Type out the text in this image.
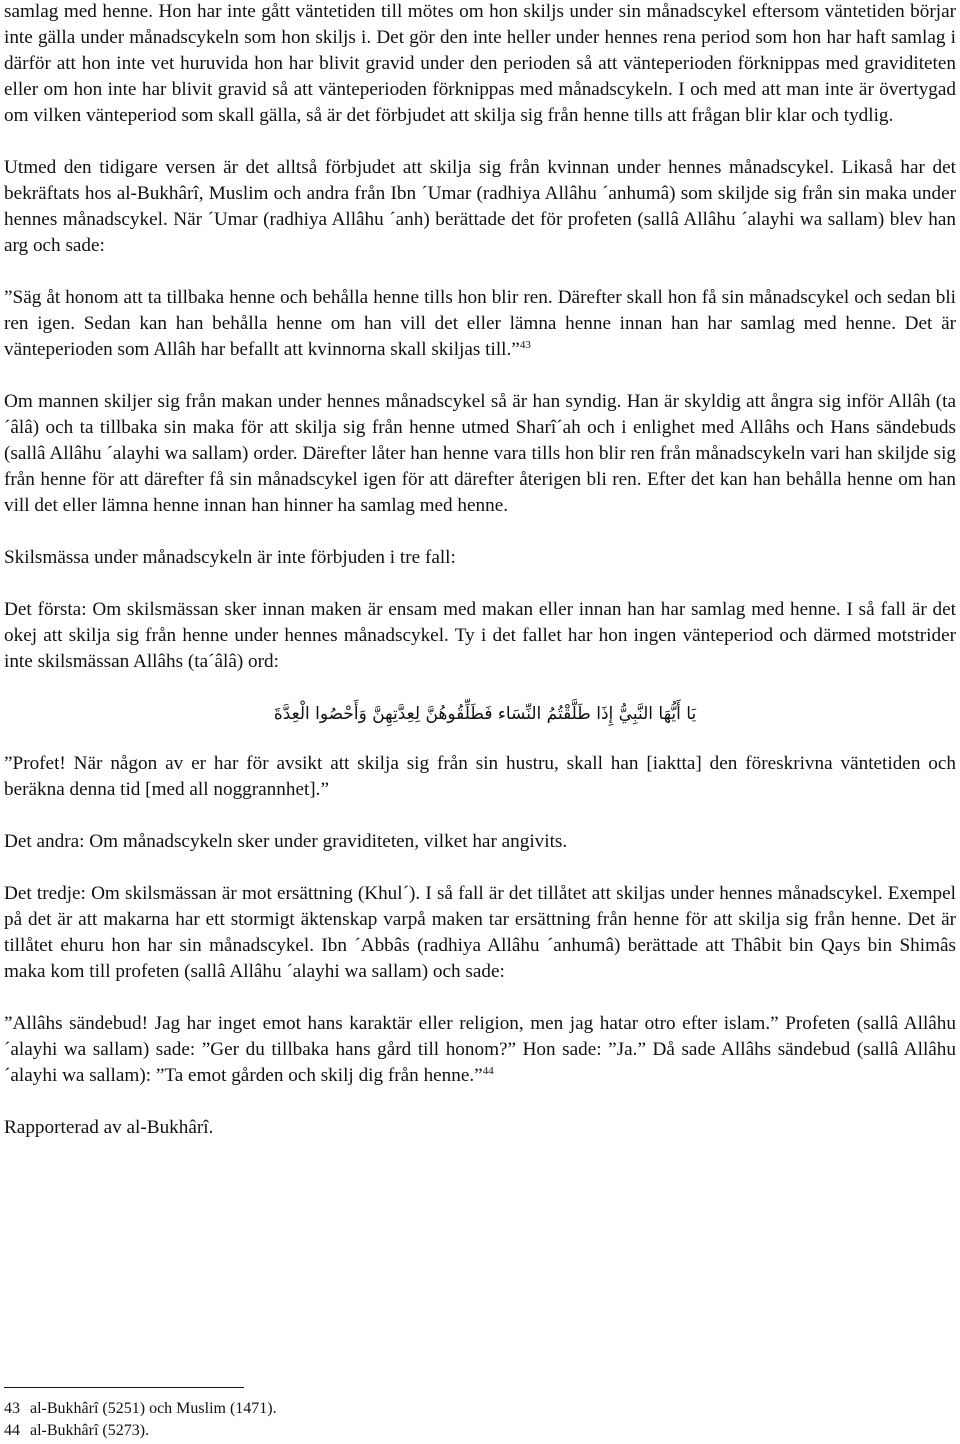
samlag med henne. Hon har inte gått väntetiden till mötes om hon skiljs under sin månadscykel eftersom väntetiden börjar inte gälla under månadscykeln som hon skiljs i. Det gör den inte heller under hennes rena period som hon har haft samlag i därför att hon inte vet huruvida hon har blivit gravid under den perioden så att vänteperioden förknippas med graviditeten eller om hon inte har blivit gravid så att vänteperioden förknippas med månadscykeln. I och med att man inte är övertygad om vilken vänteperiod som skall gälla, så är det förbjudet att skilja sig från henne tills att frågan blir klar och tydlig.

Utmed den tidigare versen är det alltså förbjudet att skilja sig från kvinnan under hennes månadscykel. Likaså har det bekräftats hos al-Bukhârî, Muslim och andra från Ibn ´Umar (radhiya Allâhu ´anhumâ) som skiljde sig från sin maka under hennes månadscykel. När ´Umar (radhiya Allâhu ´anh) berättade det för profeten (sallâ Allâhu ´alayhi wa sallam) blev han arg och sade:

”Säg åt honom att ta tillbaka henne och behålla henne tills hon blir ren. Därefter skall hon få sin månadscykel och sedan bli ren igen. Sedan kan han behålla henne om han vill det eller lämna henne innan han har samlag med henne. Det är vänteperioden som Allâh har befallt att kvinnorna skall skiljas till.”$^{43}$

Om mannen skiljer sig från makan under hennes månadscykel så är han syndig. Han är skyldig att ångra sig inför Allâh (ta´âlâ) och ta tillbaka sin maka för att skilja sig från henne utmed Sharî´ah och i enlighet med Allâhs och Hans sändebuds (sallâ Allâhu ´alayhi wa sallam) order. Därefter låter han henne vara tills hon blir ren från månadscykeln vari han skiljde sig från henne för att därefter få sin månadscykel igen för att därefter återigen bli ren. Efter det kan han behålla henne om han vill det eller lämna henne innan han hinner ha samlag med henne.

Skilsmässa under månadscykeln är inte förbjuden i tre fall:

Det första: Om skilsmässan sker innan maken är ensam med makan eller innan han har samlag med henne. I så fall är det okej att skilja sig från henne under hennes månadscykel. Ty i det fallet har hon ingen vänteperiod och därmed motstrider inte skilsmässan Allâhs (ta´âlâ) ord:

يَا أَيُّهَا النَّبِيُّ إِذَا طَلَّقْتُمُ النِّسَاء فَطَلِّقُوهُنَّ لِعِدَّتِهِنَّ وَأَحْصُوا الْعِدَّةَ

”Profet! När någon av er har för avsikt att skilja sig från sin hustru, skall han [iaktta] den föreskrivna väntetiden och beräkna denna tid [med all noggrannhet].”

Det andra: Om månadscykeln sker under graviditeten, vilket har angivits.

Det tredje: Om skilsmässan är mot ersättning (Khul´). I så fall är det tillåtet att skiljas under hennes månadscykel. Exempel på det är att makarna har ett stormigt äktenskap varpå maken tar ersättning från henne för att skilja sig från henne. Det är tillåtet ehuru hon har sin månadscykel. Ibn ´Abbâs (radhiya Allâhu ´anhumâ) berättade att Thâbit bin Qays bin Shimâs maka kom till profeten (sallâ Allâhu ´alayhi wa sallam) och sade:

”Allâhs sändebud! Jag har inget emot hans karaktär eller religion, men jag hatar otro efter islam.” Profeten (sallâ Allâhu ´alayhi wa sallam) sade: ”Ger du tillbaka hans gård till honom?” Hon sade: ”Ja.” Då sade Allâhs sändebud (sallâ Allâhu ´alayhi wa sallam): ”Ta emot gården och skilj dig från henne.”$^{44}$

Rapporterad av al-Bukhârî.

43 al-Bukhârî (5251) och Muslim (1471).
44 al-Bukhârî (5273).
